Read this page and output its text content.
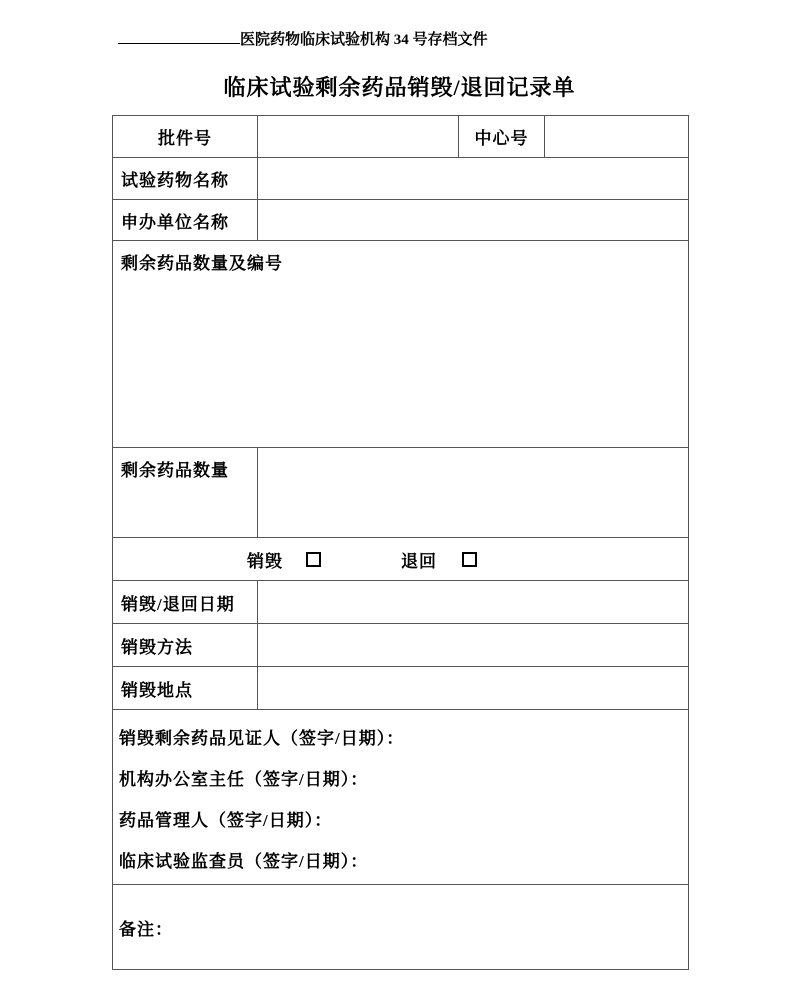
医院药物临床试验机构 34 号存档文件
临床试验剩余药品销毁/退回记录单
批件号		中心号	
试验药物名称			
申办单位名称			
剩余药品数量及编号			
剩余药品数量			

销毁 退回			

销毁/退回日期			
销毁方法			
销毁地点			

销毁剩余药品见证人（签字/日期）：
机构办公室主任（签字/日期）：
药品管理人（签字/日期）：
临床试验监查员（签字/日期）：			

备注：			
